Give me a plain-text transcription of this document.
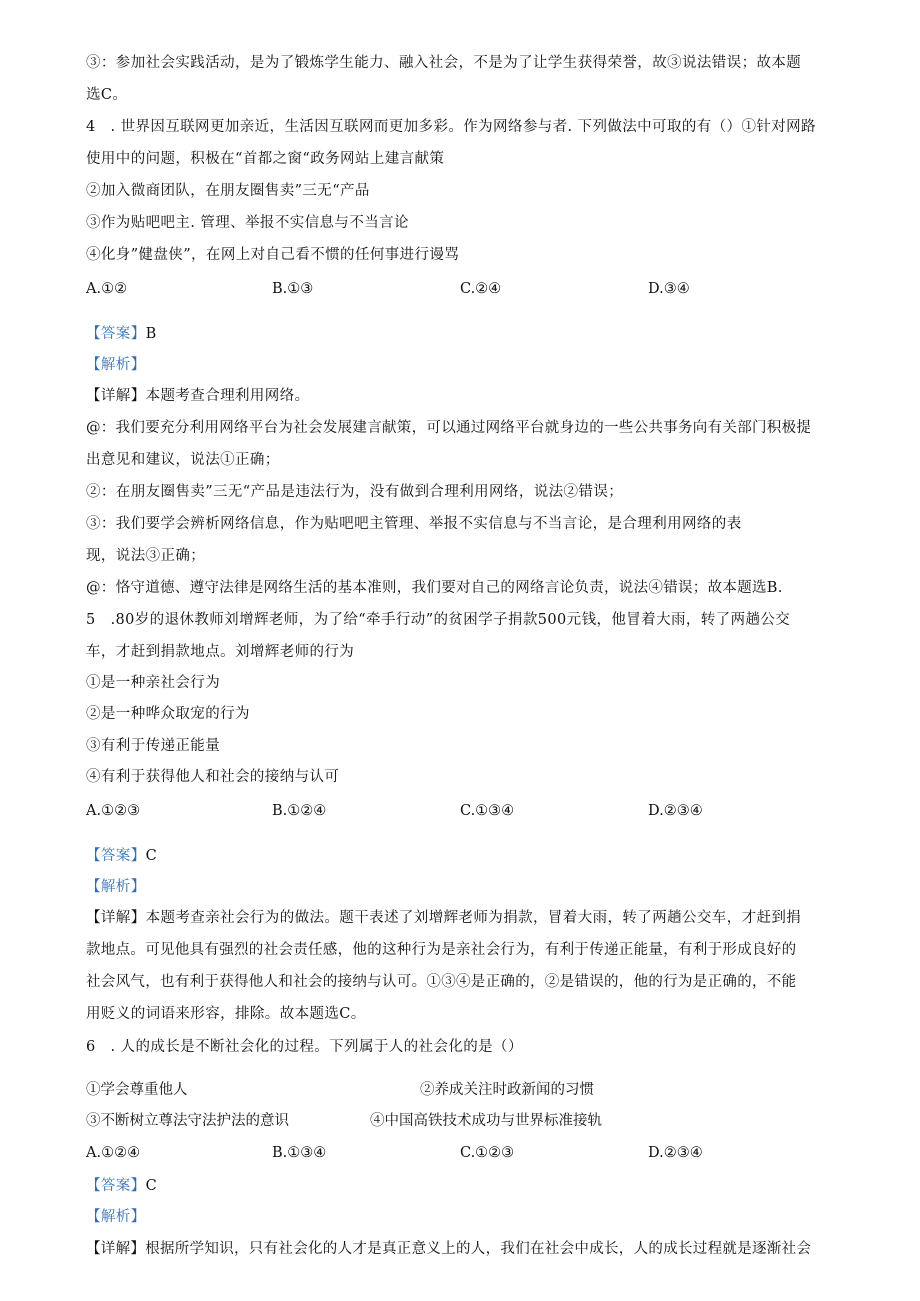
③：参加社会实践活动，是为了锻炼学生能力、融入社会，不是为了让学生获得荣誉，故③说法错误；故本题
选C。
4　. 世界因互联网更加亲近，生活因互联网而更加多彩。作为网络参与者. 下列做法中可取的有（）①针对网路
使用中的问题，积极在“首都之窗“政务网站上建言献策
②加入微商团队，在朋友圈售卖”三无“产品
③作为贴吧吧主. 管理、举报不实信息与不当言论
④化身”健盘侠”，在网上对自己看不惯的任何事进行谩骂
A.①②	B.①③	C.②④	D.③④
【答案】B
【解析】
【详解】本题考查合理利用网络。
@：我们要充分利用网络平台为社会发展建言献策，可以通过网络平台就身边的一些公共事务向有关部门积极提
出意见和建议，说法①正确；
②：在朋友圈售卖”三无“产品是违法行为，没有做到合理利用网络，说法②错误；
③：我们要学会辨析网络信息，作为贴吧吧主管理、举报不实信息与不当言论，是合理利用网络的表
现，说法③正确；
@：恪守道德、遵守法律是网络生活的基本准则，我们要对自己的网络言论负责，说法④错误；故本题选B.
5　.80岁的退休教师刘增辉老师，为了给“牵手行动”的贫困学子捐款500元钱，他冒着大雨，转了两趟公交
车，才赶到捐款地点。刘增辉老师的行为
①是一种亲社会行为
②是一种哗众取宠的行为
③有利于传递正能量
④有利于获得他人和社会的接纳与认可
A.①②③	B.①②④	C.①③④	D.②③④
【答案】C
【解析】
【详解】本题考查亲社会行为的做法。题干表述了刘增辉老师为捐款，冒着大雨，转了两趟公交车，才赶到捐
款地点。可见他具有强烈的社会责任感，他的这种行为是亲社会行为，有利于传递正能量，有利于形成良好的
社会风气，也有利于获得他人和社会的接纳与认可。①③④是正确的，②是错误的，他的行为是正确的，不能
用贬义的词语来形容，排除。故本题选C。
6　. 人的成长是不断社会化的过程。下列属于人的社会化的是（）
①学会尊重他人	②养成关注时政新闻的习惯
③不断树立尊法守法护法的意识	④中国高铁技术成功与世界标准接轨
A.①②④	B.①③④	C.①②③	D.②③④
【答案】C
【解析】
【详解】根据所学知识，只有社会化的人才是真正意义上的人，我们在社会中成长，人的成长过程就是逐渐社会
